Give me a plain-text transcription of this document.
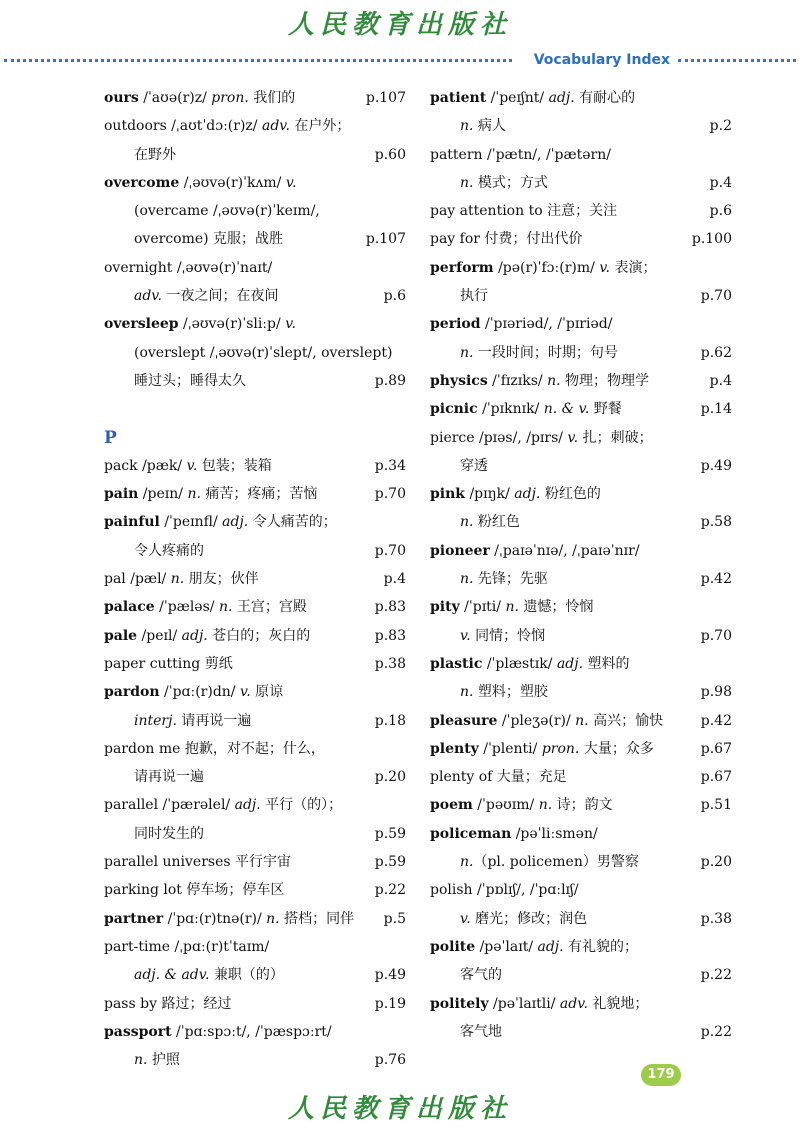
人民教育出版社
Vocabulary Index
ours /ˈaʊə(r)z/ pron. 我们的	p.107
outdoors /ˌaʊtˈdɔː(r)z/ adv. 在户外；
在野外	p.60
overcome /ˌəʊvə(r)ˈkʌm/ v.
(overcame /ˌəʊvə(r)ˈkeɪm/,
overcome) 克服；战胜	p.107
overnight /ˌəʊvə(r)ˈnaɪt/
adv. 一夜之间；在夜间	p.6
oversleep /ˌəʊvə(r)ˈsliːp/ v.
(overslept /ˌəʊvə(r)ˈslept/, overslept)
睡过头；睡得太久	p.89
P
pack /pæk/ v. 包装；装箱	p.34
pain /peɪn/ n. 痛苦；疼痛；苦恼	p.70
painful /ˈpeɪnfl/ adj. 令人痛苦的；
令人疼痛的	p.70
pal /pæl/ n. 朋友；伙伴	p.4
palace /ˈpæləs/ n. 王宫；宫殿	p.83
pale /peɪl/ adj. 苍白的；灰白的	p.83
paper cutting 剪纸	p.38
pardon /ˈpɑː(r)dn/ v. 原谅
interj. 请再说一遍	p.18
pardon me 抱歉，对不起；什么，
请再说一遍	p.20
parallel /ˈpærəlel/ adj. 平行（的）；
同时发生的	p.59
parallel universes 平行宇宙	p.59
parking lot 停车场；停车区	p.22
partner /ˈpɑː(r)tnə(r)/ n. 搭档；同伴 p.5
part-time /ˌpɑː(r)tˈtaɪm/
adj. & adv. 兼职（的）	p.49
pass by 路过；经过	p.19
passport /ˈpɑːspɔːt/, /ˈpæspɔːrt/
n. 护照	p.76
patient /ˈpeɪʃnt/ adj. 有耐心的
n. 病人	p.2
pattern /ˈpætn/, /ˈpætərn/
n. 模式；方式	p.4
pay attention to 注意；关注	p.6
pay for 付费；付出代价	p.100
perform /pə(r)ˈfɔː(r)m/ v. 表演；
执行	p.70
period /ˈpɪəriəd/, /ˈpɪriəd/
n. 一段时间；时期；句号	p.62
physics /ˈfɪzɪks/ n. 物理；物理学	p.4
picnic /ˈpɪknɪk/ n. & v. 野餐	p.14
pierce /pɪəs/, /pɪrs/ v. 扎；刺破；
穿透	p.49
pink /pɪŋk/ adj. 粉红色的
n. 粉红色	p.58
pioneer /ˌpaɪəˈnɪə/, /ˌpaɪəˈnɪr/
n. 先锋；先驱	p.42
pity /ˈpɪti/ n. 遗憾；怜悯
v. 同情；怜悯	p.70
plastic /ˈplæstɪk/ adj. 塑料的
n. 塑料；塑胶	p.98
pleasure /ˈpleʒə(r)/ n. 高兴；愉快	p.42
plenty /ˈplenti/ pron. 大量；众多	p.67
plenty of 大量；充足	p.67
poem /ˈpəʊɪm/ n. 诗；韵文	p.51
policeman /pəˈliːsmən/
n.（pl. policemen）男警察	p.20
polish /ˈpɒlɪʃ/, /ˈpɑːlɪʃ/
v. 磨光；修改；润色	p.38
polite /pəˈlaɪt/ adj. 有礼貌的；
客气的	p.22
politely /pəˈlaɪtli/ adv. 礼貌地；
客气地	p.22
179
人民教育出版社
